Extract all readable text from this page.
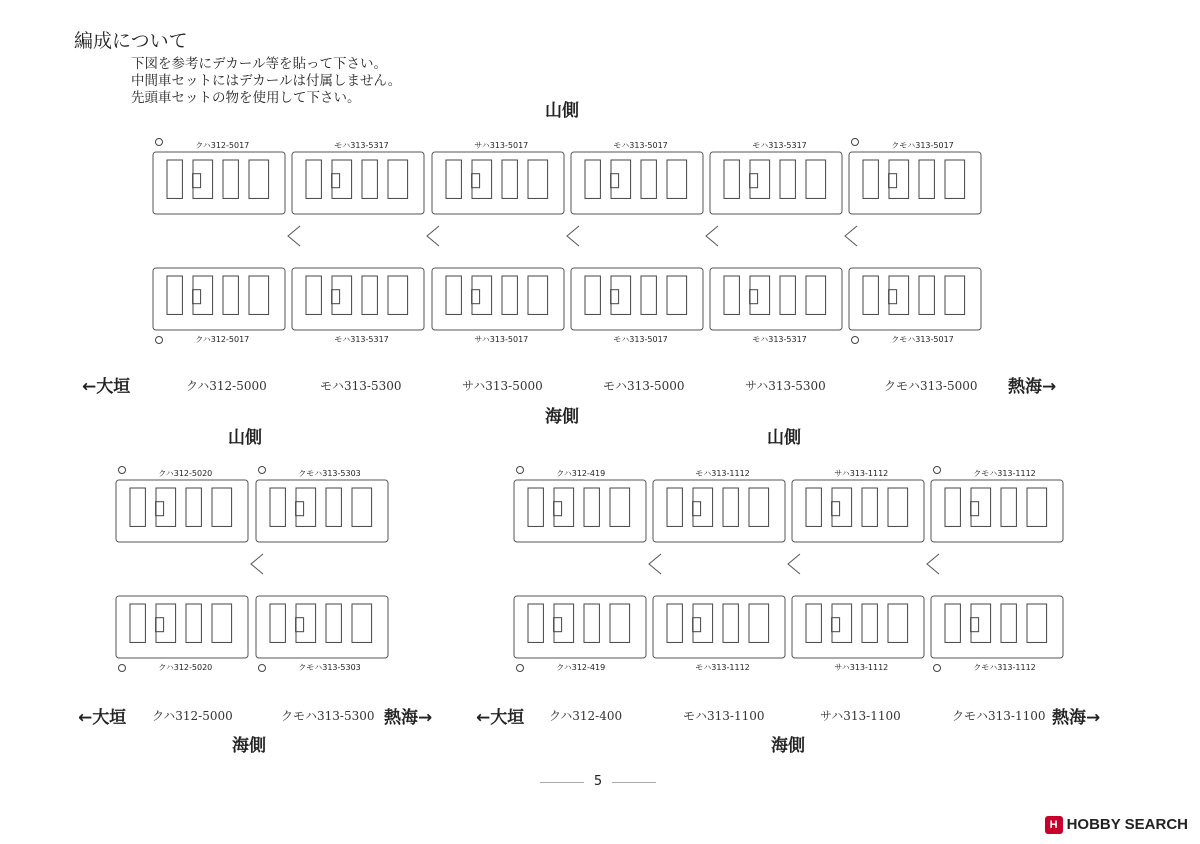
編成について
下図を参考にデカール等を貼って下さい。
中間車セットにはデカールは付属しません。
先頭車セットの物を使用して下さい。
山側
←大垣	熱海→
クハ312-5000	モハ313-5300	サハ313-5000	モハ313-5000	サハ313-5300	クモハ313-5000
海側
山側	山側
←大垣 クハ312-5000	クモハ313-5300 熱海→	←大垣 クハ312-400	モハ313-1100	サハ313-1100	クモハ313-1100 熱海→
海側	海側
5
H HOBBY SEARCH
クハ312-5017
クハ312-5017
モハ313-5317
モハ313-5317
サハ313-5017
サハ313-5017
モハ313-5017
モハ313-5017
モハ313-5317
モハ313-5317
クモハ313-5017
クモハ313-5017
クハ312-5020
クハ312-5020
クモハ313-5303
クモハ313-5303
クハ312-419
クハ312-419
モハ313-1112
モハ313-1112
サハ313-1112
サハ313-1112
クモハ313-1112
クモハ313-1112
